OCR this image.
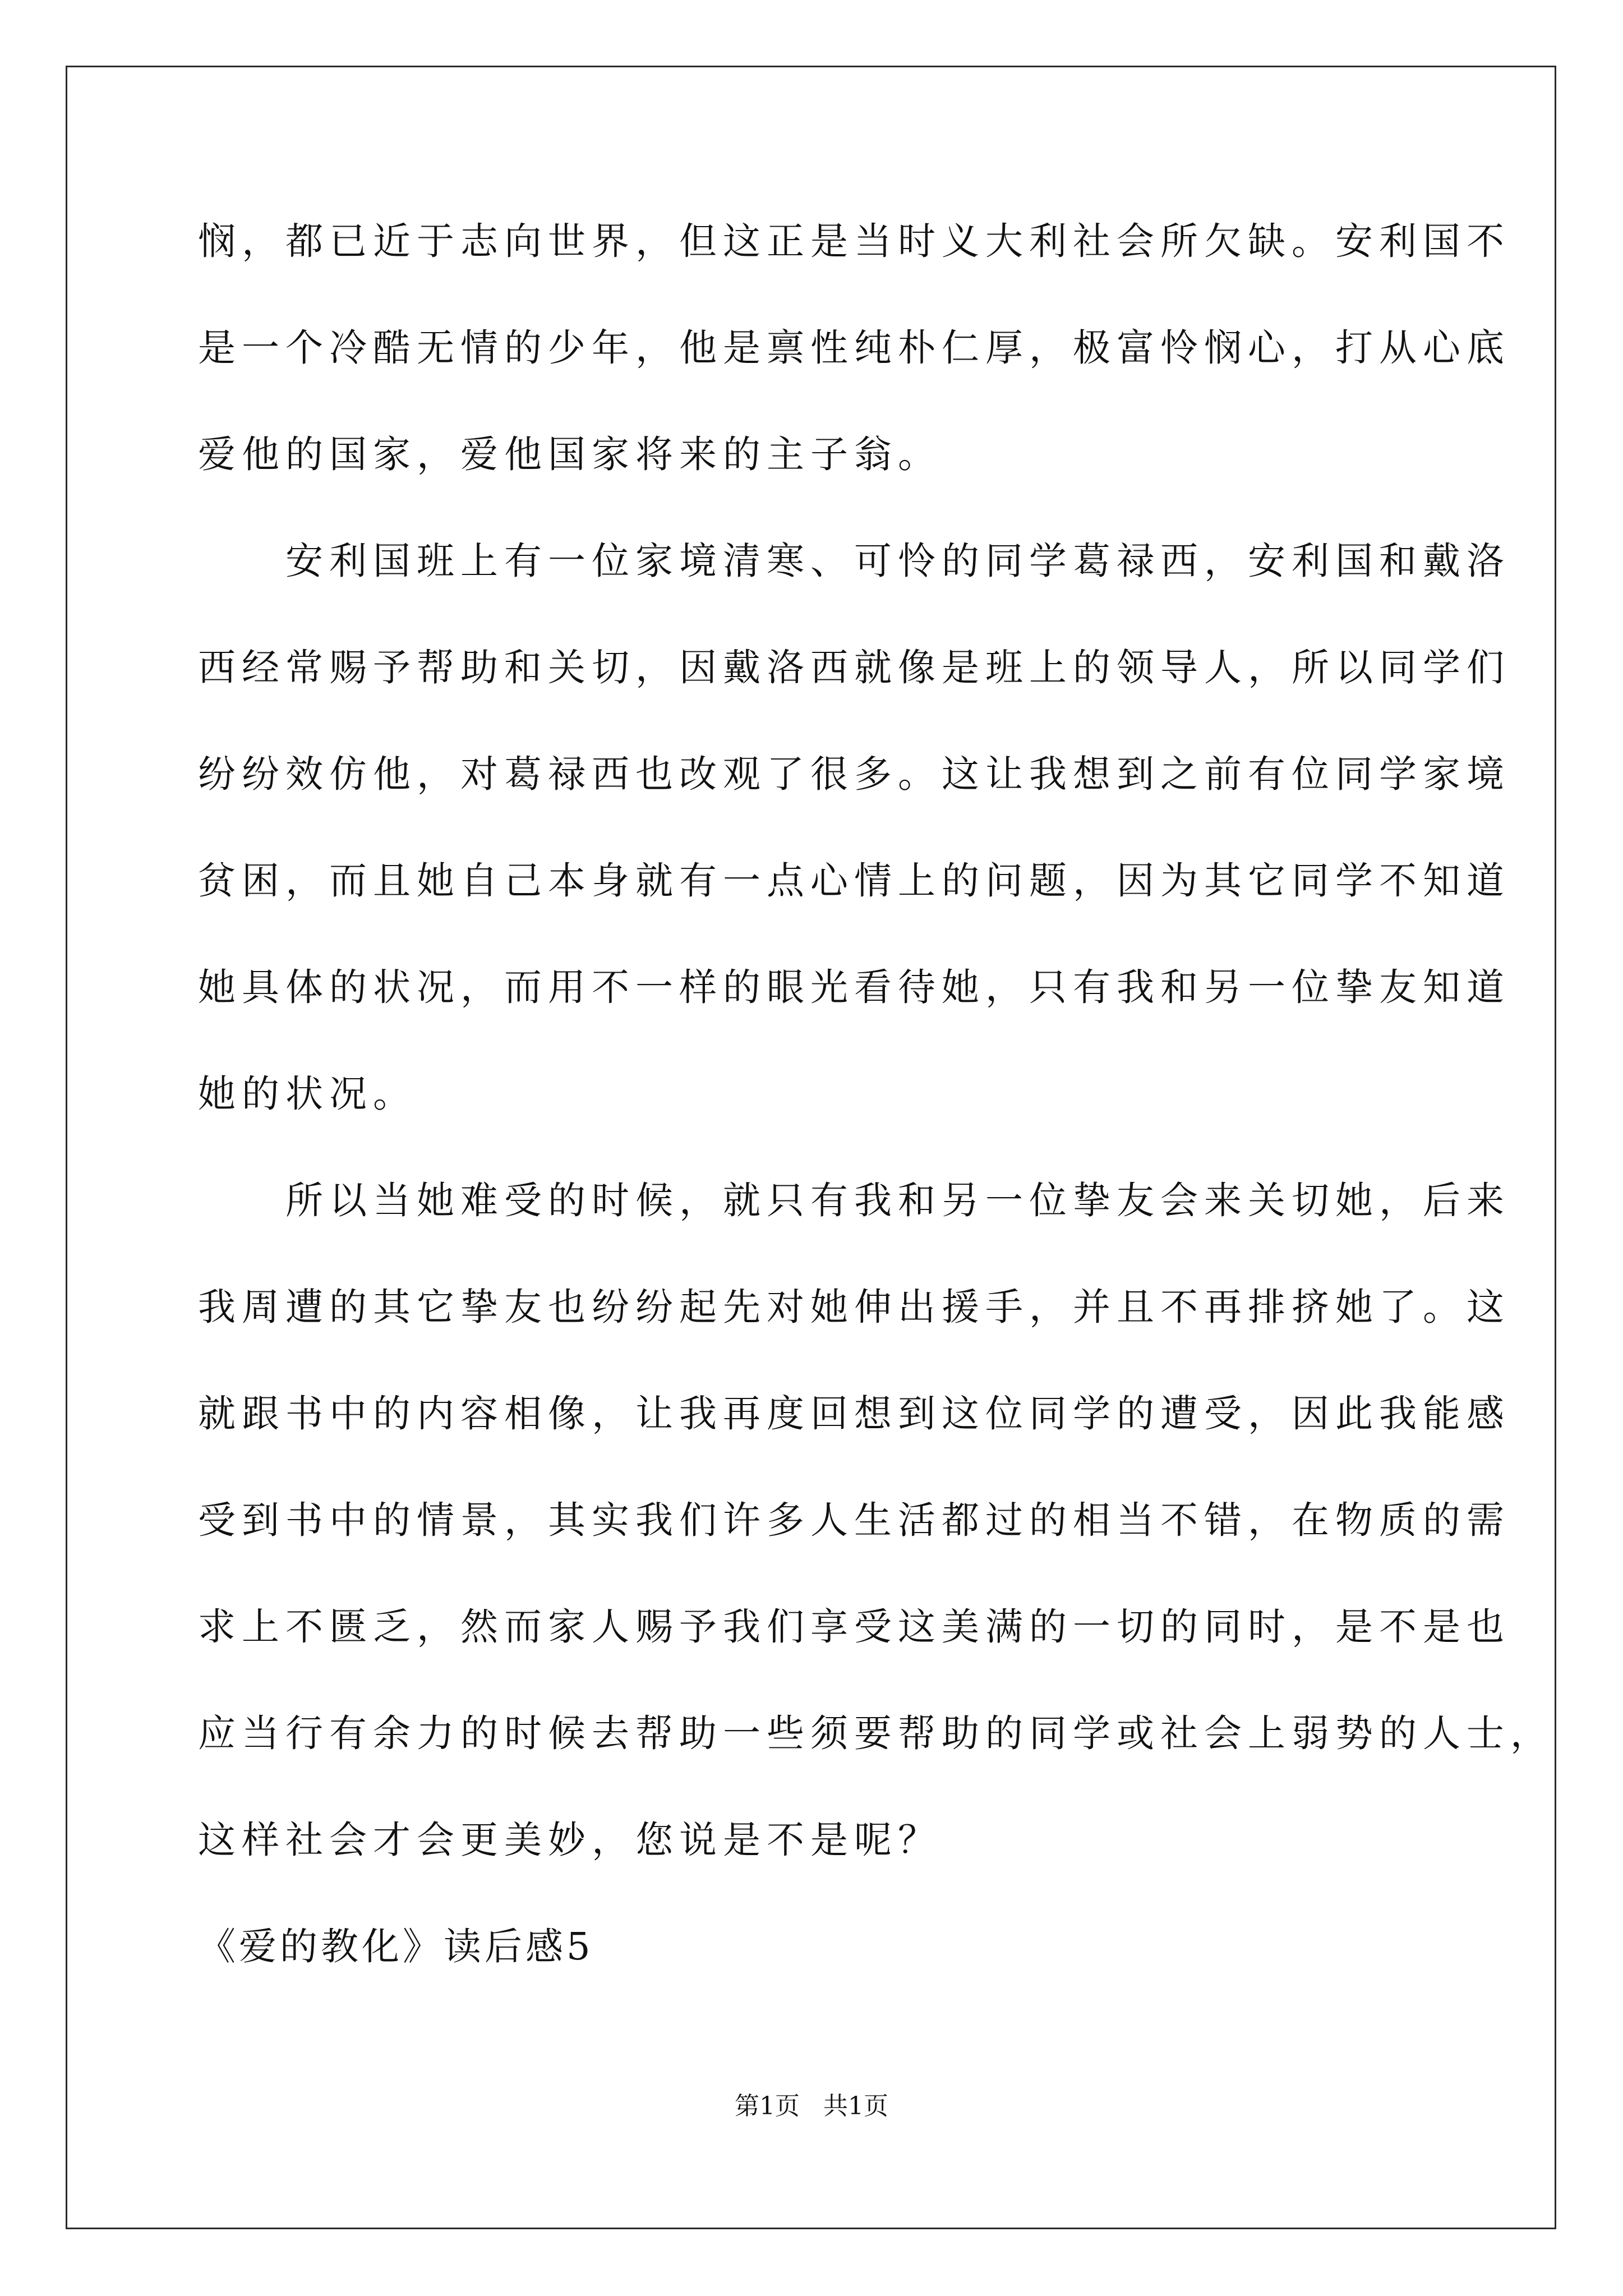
悯，都已近于志向世界，但这正是当时义大利社会所欠缺。安利国不
是一个冷酷无情的少年，他是禀性纯朴仁厚，极富怜悯心，打从心底
爱他的国家，爱他国家将来的主子翁。
安利国班上有一位家境清寒、可怜的同学葛禄西，安利国和戴洛
西经常赐予帮助和关切，因戴洛西就像是班上的领导人，所以同学们
纷纷效仿他，对葛禄西也改观了很多。这让我想到之前有位同学家境
贫困，而且她自己本身就有一点心情上的问题，因为其它同学不知道
她具体的状况，而用不一样的眼光看待她，只有我和另一位挚友知道
她的状况。
所以当她难受的时候，就只有我和另一位挚友会来关切她，后来
我周遭的其它挚友也纷纷起先对她伸出援手，并且不再排挤她了。这
就跟书中的内容相像，让我再度回想到这位同学的遭受，因此我能感
受到书中的情景，其实我们许多人生活都过的相当不错，在物质的需
求上不匮乏，然而家人赐予我们享受这美满的一切的同时，是不是也
应当行有余力的时候去帮助一些须要帮助的同学或社会上弱势的人士，
这样社会才会更美妙，您说是不是呢？
《爱的教化》读后感5
第1页   共1页
